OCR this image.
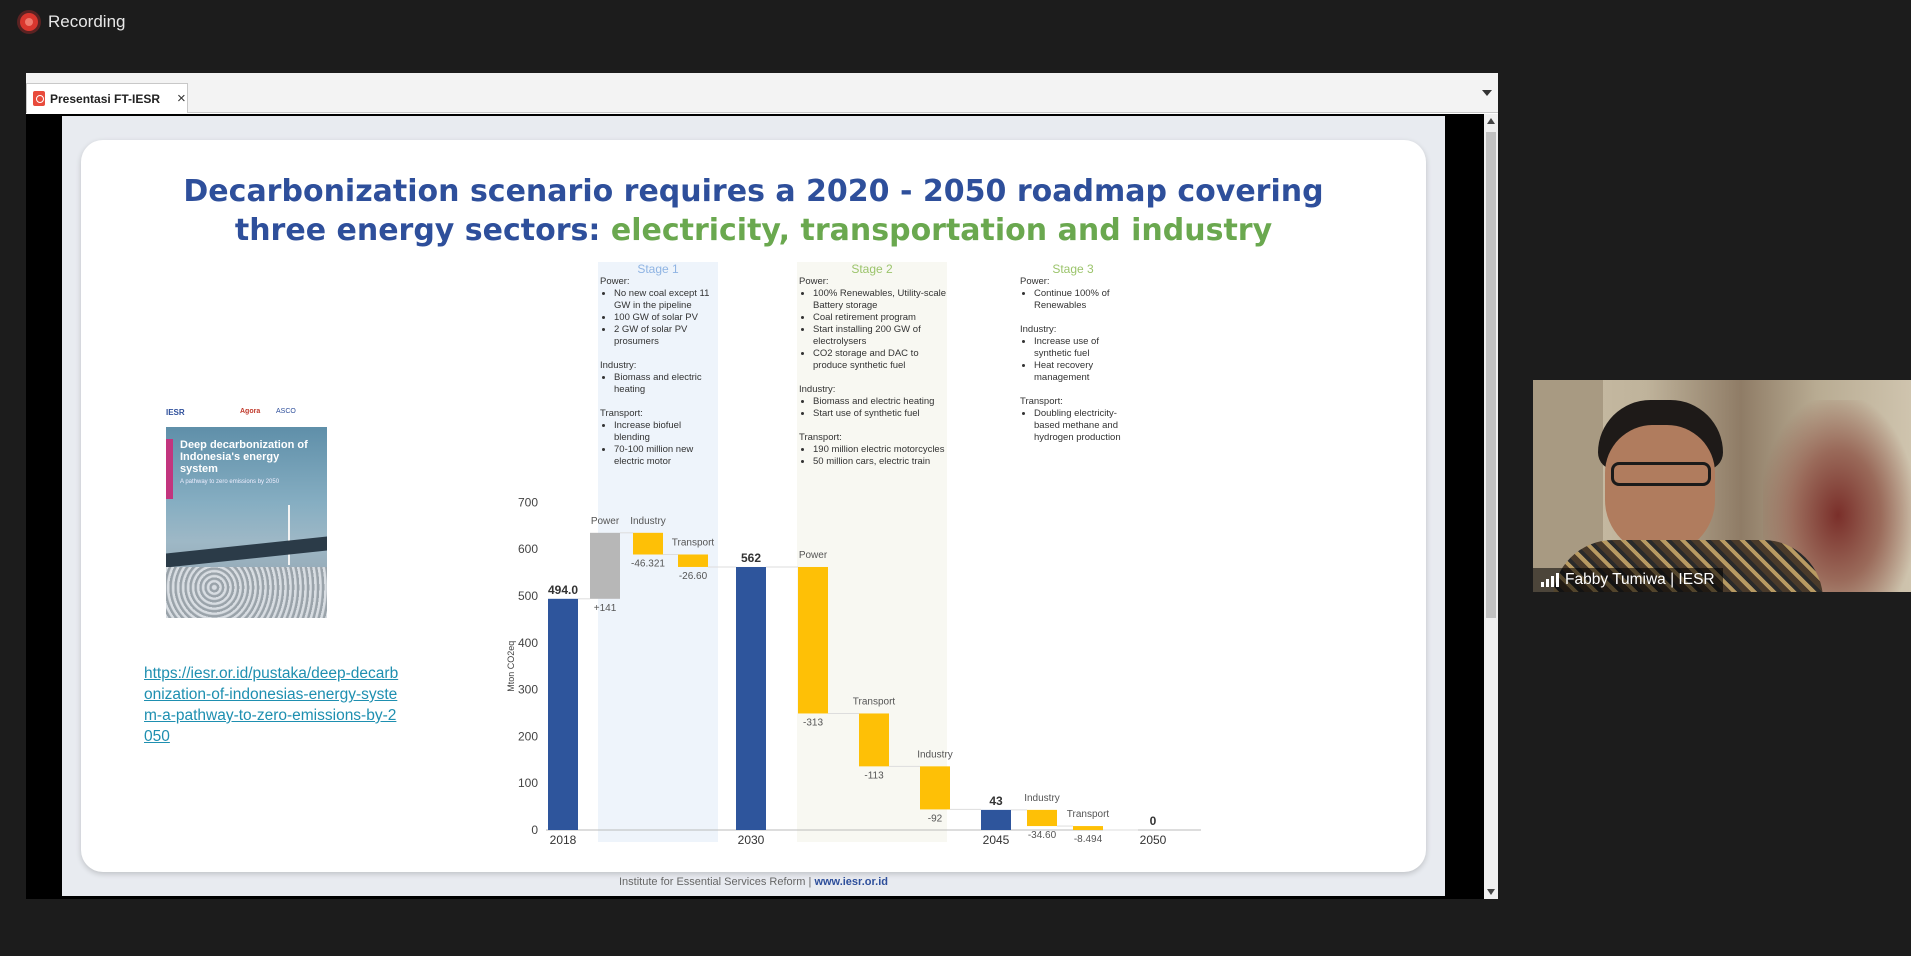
Recording
Presentasi FT-IESR ×
Decarbonization scenario requires a 2020 - 2050 roadmap covering
three energy sectors: electricity, transportation and industry
Stage 1
Power:
• No new coal except 11 GW in the pipeline
• 100 GW of solar PV
• 2 GW of solar PV prosumers
Industry:
• Biomass and electric heating
Transport:
• Increase biofuel blending
• 70-100 million new electric motor
Stage 2
Power:
• 100% Renewables, Utility-scale Battery storage
• Coal retirement program
• Start installing 200 GW of electrolysers
• CO2 storage and DAC to produce synthetic fuel
Industry:
• Biomass and electric heating
• Start use of synthetic fuel
Transport:
• 190 million electric motorcycles
• 50 million cars, electric train
Stage 3
Power:
• Continue 100% of Renewables
Industry:
• Increase use of synthetic fuel
• Heat recovery management
Transport:
• Doubling electricity-based methane and hydrogen production
IESR	Agora ASCO
Deep decarbonization of Indonesia's energy system
A pathway to zero emissions by 2050
https://iesr.or.id/pustaka/deep-decarbonization-of-indonesias-energy-system-a-pathway-to-zero-emissions-by-2050
0
100
200
300
400
500
600
700
Mton CO2eq
494.0
2018
Power
+141
Industry
-46.321
Transport
-26.60
562
2030
Power
-313
Transport
-113
Industry
-92
43
2045
Industry
-34.60
Transport
-8.494
0
2050
Institute for Essential Services Reform | www.iesr.or.id
Fabby Tumiwa | IESR
